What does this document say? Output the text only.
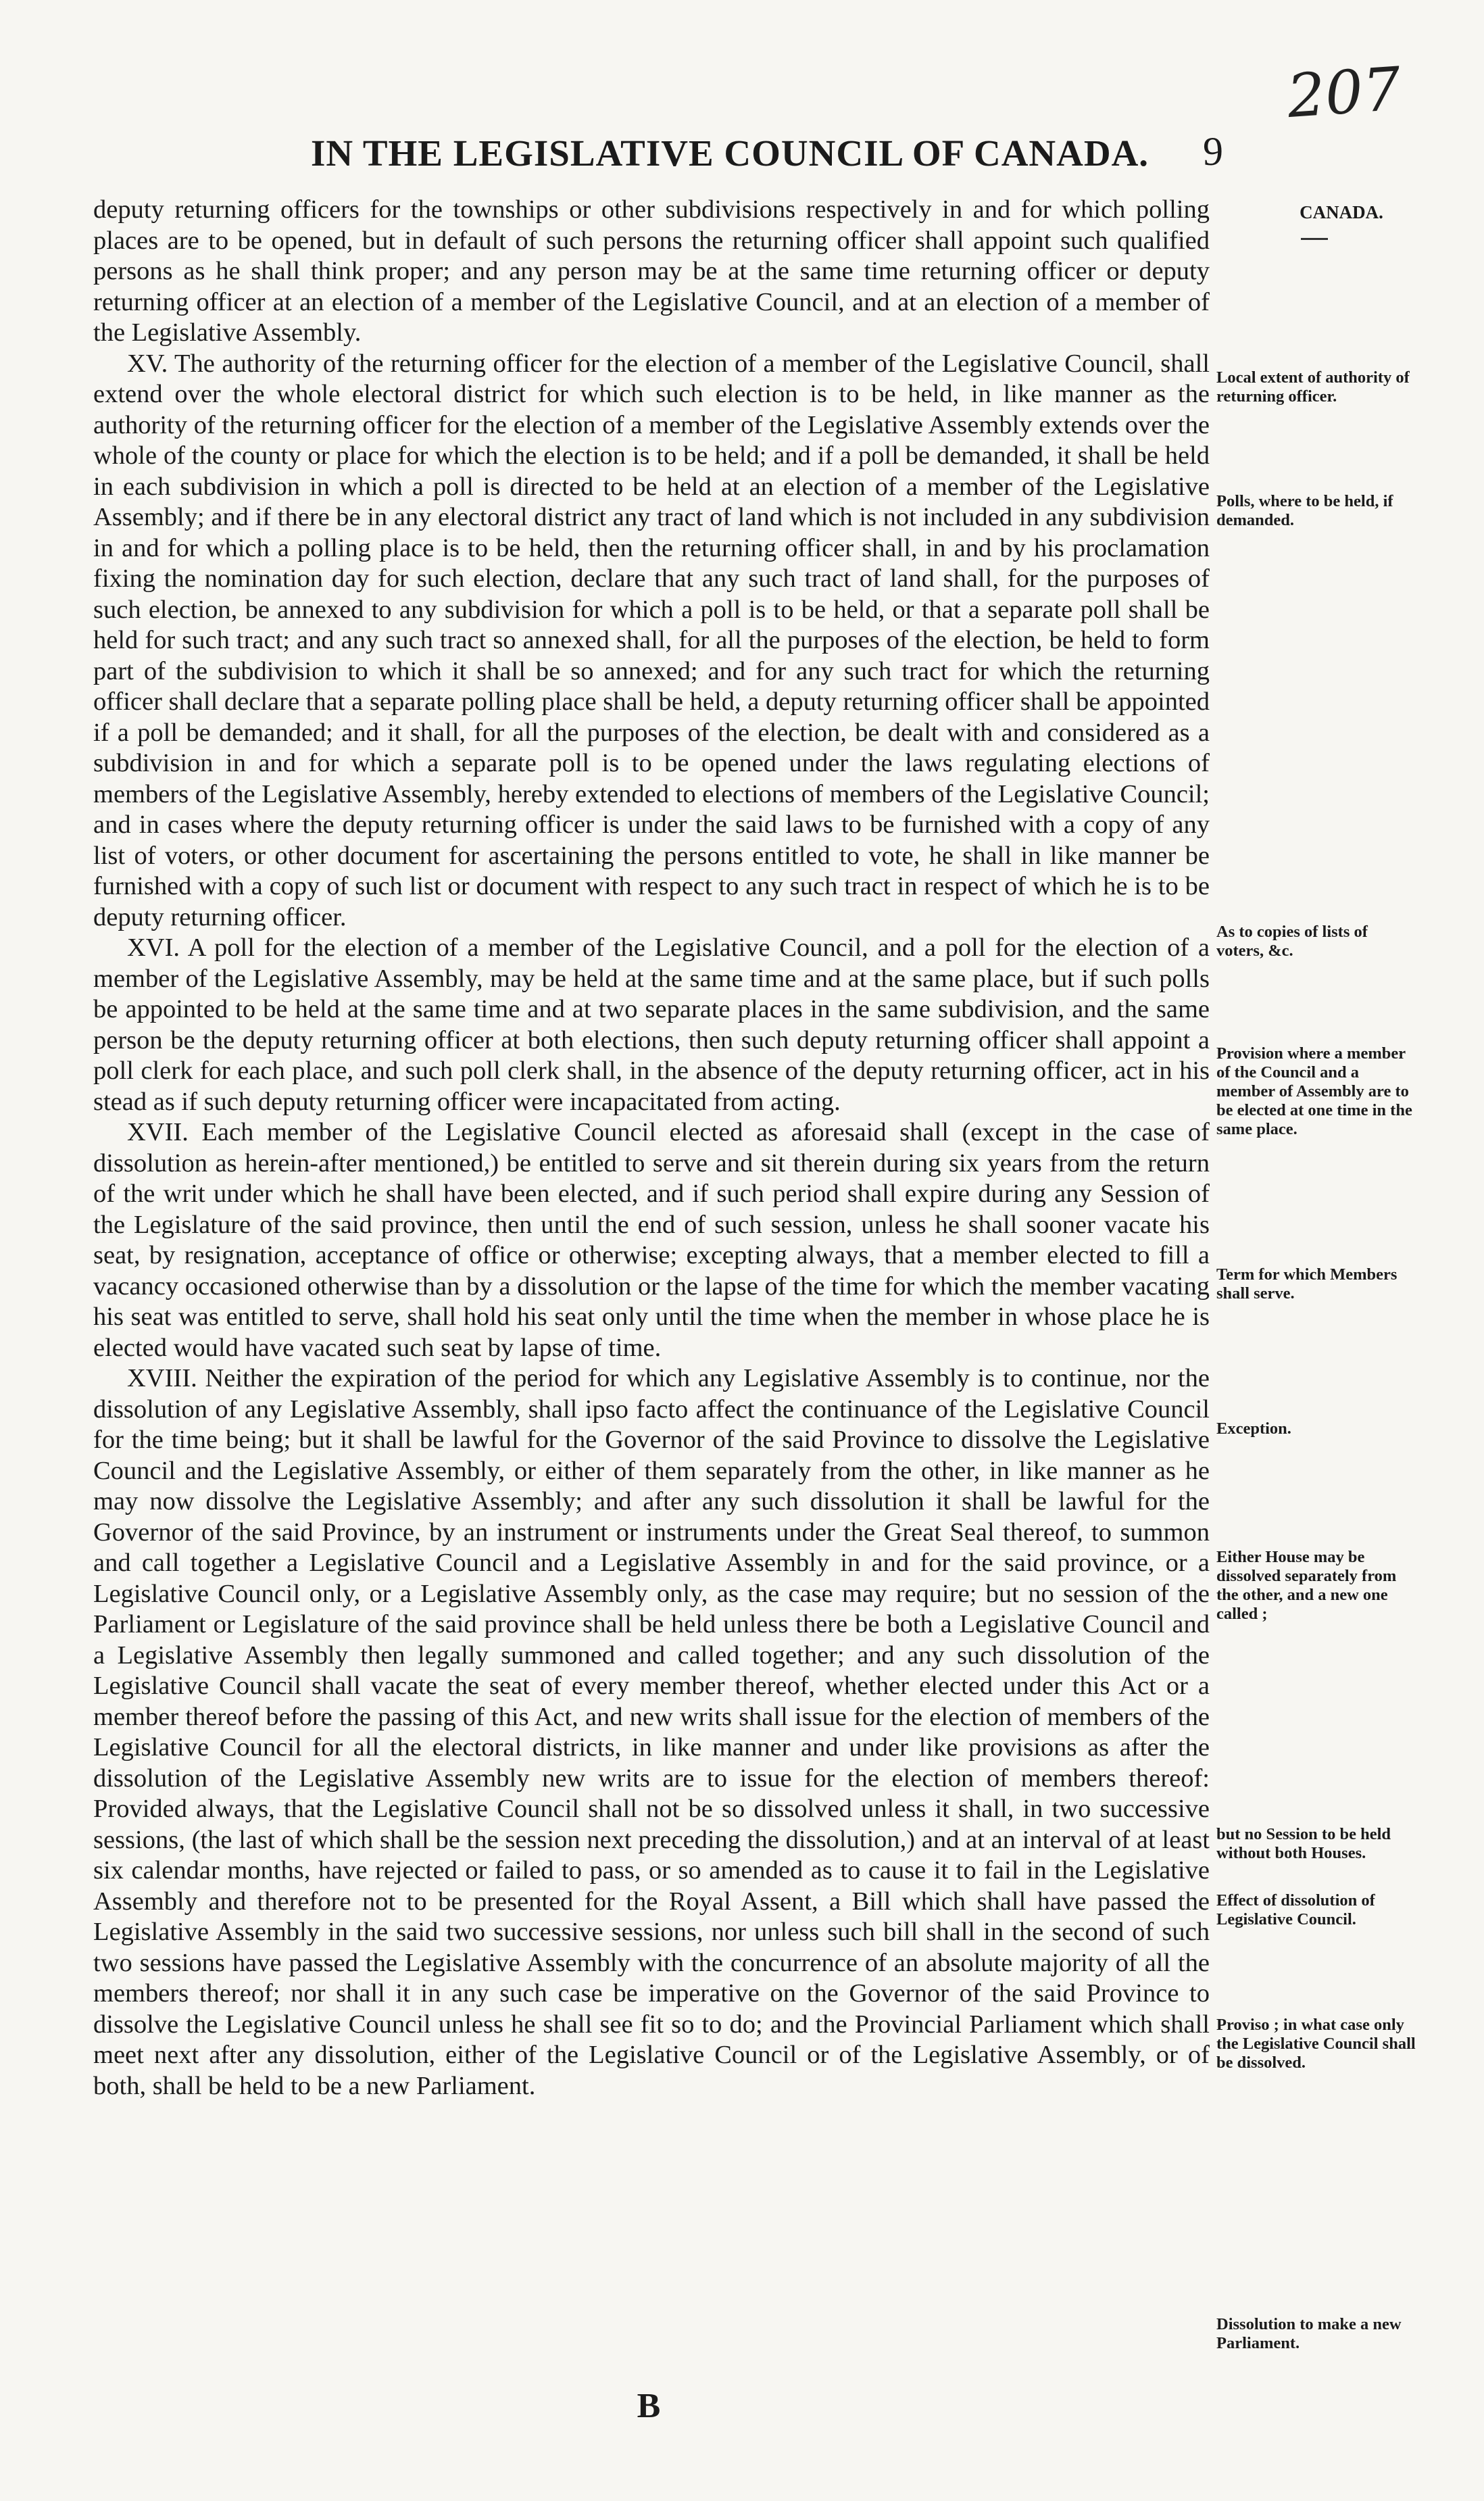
207
IN THE LEGISLATIVE COUNCIL OF CANADA.	9

deputy returning officers for the townships or other subdivisions respectively in and for which polling places are to be opened, but in default of such persons the returning officer shall appoint such qualified persons as he shall think proper; and any person may be at the same time returning officer or deputy returning officer at an election of a member of the Legislative Council, and at an election of a member of the Legislative Assembly.

XV. The authority of the returning officer for the election of a member of the Legislative Council, shall extend over the whole electoral district for which such election is to be held, in like manner as the authority of the returning officer for the election of a member of the Legislative Assembly extends over the whole of the county or place for which the election is to be held; and if a poll be demanded, it shall be held in each subdivision in which a poll is directed to be held at an election of a member of the Legislative Assembly; and if there be in any electoral district any tract of land which is not included in any subdivision in and for which a polling place is to be held, then the returning officer shall, in and by his proclamation fixing the nomination day for such election, declare that any such tract of land shall, for the purposes of such election, be annexed to any subdivision for which a poll is to be held, or that a separate poll shall be held for such tract; and any such tract so annexed shall, for all the purposes of the election, be held to form part of the subdivision to which it shall be so annexed; and for any such tract for which the returning officer shall declare that a separate polling place shall be held, a deputy returning officer shall be appointed if a poll be demanded; and it shall, for all the purposes of the election, be dealt with and considered as a subdivision in and for which a separate poll is to be opened under the laws regulating elections of members of the Legislative Assembly, hereby extended to elections of members of the Legislative Council; and in cases where the deputy returning officer is under the said laws to be furnished with a copy of any list of voters, or other document for ascertaining the persons entitled to vote, he shall in like manner be furnished with a copy of such list or document with respect to any such tract in respect of which he is to be deputy returning officer.

XVI. A poll for the election of a member of the Legislative Council, and a poll for the election of a member of the Legislative Assembly, may be held at the same time and at the same place, but if such polls be appointed to be held at the same time and at two separate places in the same subdivision, and the same person be the deputy returning officer at both elections, then such deputy returning officer shall appoint a poll clerk for each place, and such poll clerk shall, in the absence of the deputy returning officer, act in his stead as if such deputy returning officer were incapacitated from acting.

XVII. Each member of the Legislative Council elected as aforesaid shall (except in the case of dissolution as herein-after mentioned,) be entitled to serve and sit therein during six years from the return of the writ under which he shall have been elected, and if such period shall expire during any Session of the Legislature of the said province, then until the end of such session, unless he shall sooner vacate his seat, by resignation, acceptance of office or otherwise; excepting always, that a member elected to fill a vacancy occasioned otherwise than by a dissolution or the lapse of the time for which the member vacating his seat was entitled to serve, shall hold his seat only until the time when the member in whose place he is elected would have vacated such seat by lapse of time.

XVIII. Neither the expiration of the period for which any Legislative Assembly is to continue, nor the dissolution of any Legislative Assembly, shall ipso facto affect the continuance of the Legislative Council for the time being; but it shall be lawful for the Governor of the said Province to dissolve the Legislative Council and the Legislative Assembly, or either of them separately from the other, in like manner as he may now dissolve the Legislative Assembly; and after any such dissolution it shall be lawful for the Governor of the said Province, by an instrument or instruments under the Great Seal thereof, to summon and call together a Legislative Council and a Legislative Assembly in and for the said province, or a Legislative Council only, or a Legislative Assembly only, as the case may require; but no session of the Parliament or Legislature of the said province shall be held unless there be both a Legislative Council and a Legislative Assembly then legally summoned and called together; and any such dissolution of the Legislative Council shall vacate the seat of every member thereof, whether elected under this Act or a member thereof before the passing of this Act, and new writs shall issue for the election of members of the Legislative Council for all the electoral districts, in like manner and under like provisions as after the dissolution of the Legislative Assembly new writs are to issue for the election of members thereof: Provided always, that the Legislative Council shall not be so dissolved unless it shall, in two successive sessions, (the last of which shall be the session next preceding the dissolution,) and at an interval of at least six calendar months, have rejected or failed to pass, or so amended as to cause it to fail in the Legislative Assembly and therefore not to be presented for the Royal Assent, a Bill which shall have passed the Legislative Assembly in the said two successive sessions, nor unless such bill shall in the second of such two sessions have passed the Legislative Assembly with the concurrence of an absolute majority of all the members thereof; nor shall it in any such case be imperative on the Governor of the said Province to dissolve the Legislative Council unless he shall see fit so to do; and the Provincial Parliament which shall meet next after any dissolution, either of the Legislative Council or of the Legislative Assembly, or of both, shall be held to be a new Parliament.

CANADA.
Local extent of authority of returning officer.
Polls, where to be held, if demanded.
As to copies of lists of voters, &c.
Provision where a member of the Council and a member of Assembly are to be elected at one time in the same place.
Term for which Members shall serve.
Exception.
Either House may be dissolved separately from the other, and a new one called ;
but no Session to be held without both Houses.
Effect of dissolution of Legislative Council.
Proviso ; in what case only the Legislative Council shall be dissolved.
Dissolution to make a new Parliament.
B
